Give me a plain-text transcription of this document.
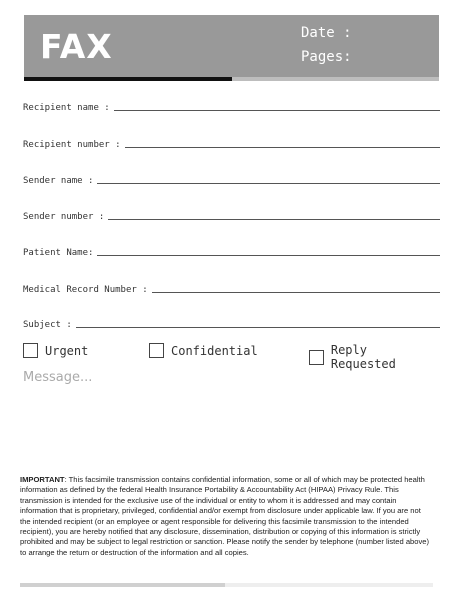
FAX	Date :
Pages:
Recipient name :
Recipient number :
Sender name :
Sender number :
Patient Name:
Medical Record Number :
Subject :
Urgent	Confidential	Reply Requested
Message...
IMPORTANT: This facsimile transmission contains confidential information, some or all of which may be protected health information as defined by the federal Health Insurance Portability & Accountability Act (HIPAA) Privacy Rule. This transmission is intended for the exclusive use of the individual or entity to whom it is addressed and may contain information that is proprietary, privileged, confidential and/or exempt from disclosure under applicable law. If you are not the intended recipient (or an employee or agent responsible for delivering this facsimile transmission to the intended recipient), you are hereby notified that any disclosure, dissemination, distribution or copying of this information is strictly prohibited and may be subject to legal restriction or sanction. Please notify the sender by telephone (number listed above) to arrange the return or destruction of the information and all copies.
